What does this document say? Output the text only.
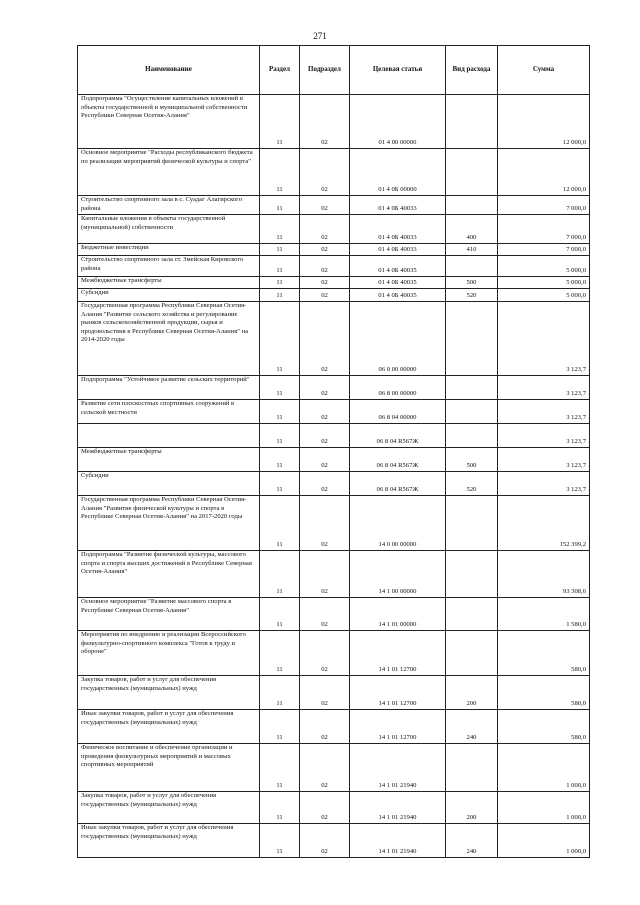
271
Наименование	Раздел	Подраздел	Целевая статья	Вид расхода	Сумма
Подпрограмма "Осуществление капитальных вложений в объекты государственной и муниципальной собственности Республики Северная Осетия-Алания"	11	02	01 4 00 00000		12 000,0
Основное мероприятие "Расходы республиканского бюджета по реализации мероприятий физической культуры и спорта"	11	02	01 4 0Б 00000		12 000,0
Строительство спортивного зала в с. Суадаг Алагирского района	11	02	01 4 0Б 40033		7 000,0
Капитальные вложения в объекты государственной (муниципальной) собственности	11	02	01 4 0Б 40033	400	7 000,0
Бюджетные инвестиции	11	02	01 4 0Б 40033	410	7 000,0
Строительство спортивного зала ст. Змейская Кировского района	11	02	01 4 0Б 40035		5 000,0
Межбюджетные трансферты	11	02	01 4 0Б 40035	500	5 000,0
Субсидии	11	02	01 4 0Б 40035	520	5 000,0
Государственная программа Республики Северная Осетия-Алания "Развитие сельского хозяйства и регулирование рынков сельскохозяйственной продукции, сырья и продовольствия в Республике Северная Осетия-Алания" на 2014-2020 годы	11	02	06 0 00 00000		3 123,7
Подпрограмма "Устойчивое развитие сельских территорий"	11	02	06 8 00 00000		3 123,7
Развитие сети плоскостных спортивных сооружений в сельской местности	11	02	06 8 04 00000		3 123,7
	11	02	06 8 04 R567Ж		3 123,7
Межбюджетные трансферты	11	02	06 8 04 R567Ж	500	3 123,7
Субсидии	11	02	06 8 04 R567Ж	520	3 123,7
Государственная программа Республики Северная Осетия-Алания "Развитие физической культуры и спорта в Республике Северная Осетия-Алания" на 2017-2020 годы	11	02	14 0 00 00000		152 399,2
Подпрограмма "Развитие физической культуры, массового спорта и спорта высших достижений в Республике Северная Осетия-Алания"	11	02	14 1 00 00000		93 308,6
Основное мероприятие "Развитие массового спорта в Республике Северная Осетия-Алания"	11	02	14 1 01 00000		1 580,0
Мероприятия по внедрению и реализации Всероссийского физкультурно-спортивного комплекса "Готов к труду и обороне"	11	02	14 1 01 12700		580,0
Закупка товаров, работ и услуг для обеспечения государственных (муниципальных) нужд	11	02	14 1 01 12700	200	580,0
Иные закупки товаров, работ и услуг для обеспечения государственных (муниципальных) нужд	11	02	14 1 01 12700	240	580,0
Физическое воспитание и обеспечение организации и проведения физкультурных мероприятий и массовых спортивных мероприятий	11	02	14 1 01 21940		1 000,0
Закупка товаров, работ и услуг для обеспечения государственных (муниципальных) нужд	11	02	14 1 01 21940	200	1 000,0
Иные закупки товаров, работ и услуг для обеспечения государственных (муниципальных) нужд	11	02	14 1 01 21940	240	1 000,0
